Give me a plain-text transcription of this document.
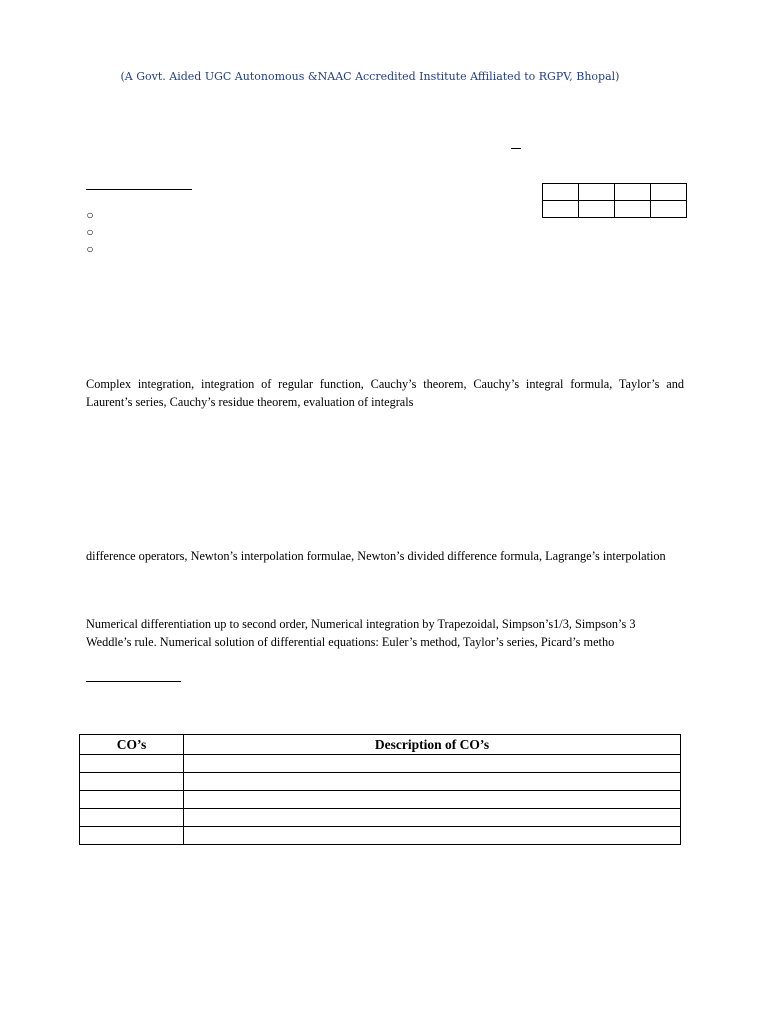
(A Govt. Aided UGC Autonomous &NAAC Accredited Institute Affiliated to RGPV, Bhopal)
○
○
○

Complex integration, integration of regular function, Cauchy’s theorem, Cauchy’s integral formula, Taylor’s and Laurent’s series, Cauchy’s residue theorem, evaluation of integrals
difference operators, Newton’s interpolation formulae, Newton’s divided difference formula, Lagrange’s interpolation
Numerical differentiation up to second order, Numerical integration by Trapezoidal, Simpson’s1/3, Simpson’s 3
Weddle’s rule. Numerical solution of differential equations: Euler’s method, Taylor’s series, Picard’s metho
CO’s	Description of CO’s
